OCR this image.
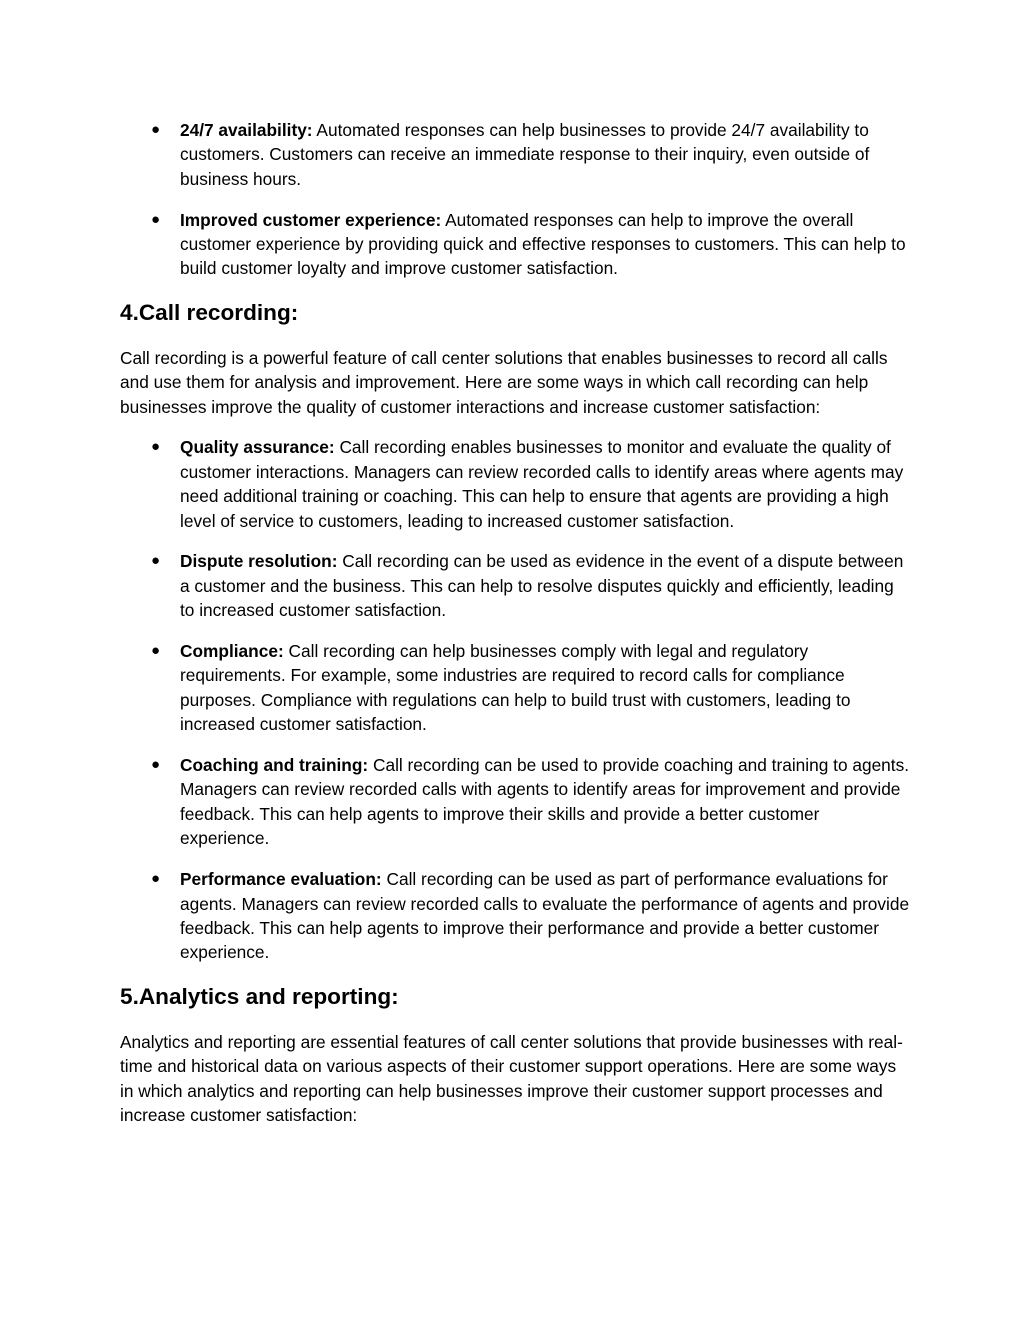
● 24/7 availability: Automated responses can help businesses to provide 24/7 availability to customers. Customers can receive an immediate response to their inquiry, even outside of business hours.
● Improved customer experience: Automated responses can help to improve the overall customer experience by providing quick and effective responses to customers. This can help to build customer loyalty and improve customer satisfaction.
4.Call recording:

Call recording is a powerful feature of call center solutions that enables businesses to record all calls and use them for analysis and improvement. Here are some ways in which call recording can help businesses improve the quality of customer interactions and increase customer satisfaction:

● Quality assurance: Call recording enables businesses to monitor and evaluate the quality of customer interactions. Managers can review recorded calls to identify areas where agents may need additional training or coaching. This can help to ensure that agents are providing a high level of service to customers, leading to increased customer satisfaction.
● Dispute resolution: Call recording can be used as evidence in the event of a dispute between a customer and the business. This can help to resolve disputes quickly and efficiently, leading to increased customer satisfaction.
● Compliance: Call recording can help businesses comply with legal and regulatory requirements. For example, some industries are required to record calls for compliance purposes. Compliance with regulations can help to build trust with customers, leading to increased customer satisfaction.
● Coaching and training: Call recording can be used to provide coaching and training to agents. Managers can review recorded calls with agents to identify areas for improvement and provide feedback. This can help agents to improve their skills and provide a better customer experience.
● Performance evaluation: Call recording can be used as part of performance evaluations for agents. Managers can review recorded calls to evaluate the performance of agents and provide feedback. This can help agents to improve their performance and provide a better customer experience.
5.Analytics and reporting:

Analytics and reporting are essential features of call center solutions that provide businesses with real-time and historical data on various aspects of their customer support operations. Here are some ways in which analytics and reporting can help businesses improve their customer support processes and increase customer satisfaction:
